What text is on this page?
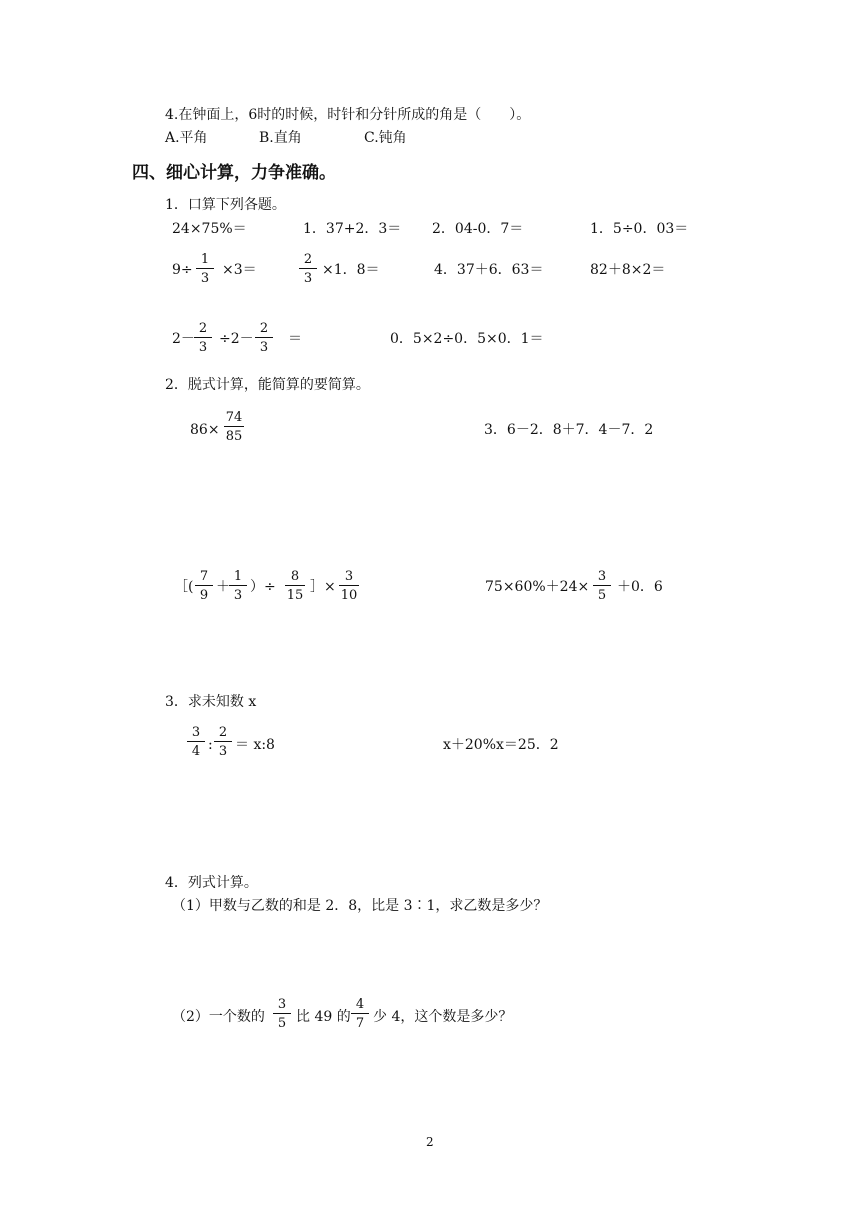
4.在钟面上，6时的时候，时针和分针所成的角是（　　）。
A.平角	B.直角	C.钝角
四、细心计算，力争准确。
1．口算下列各题。
24×75%＝	1．37+2．3＝ 2．04-0．7＝	1．5÷0．03＝
9÷
1
3
×3＝
2
3
×1．8＝	4．37＋6．63＝	82＋8×2＝
2－
2
3
÷2－
2
3
＝	0．5×2÷0．5×0．1＝
2．脱式计算，能简算的要简算。
86×
74
85	3．6－2．8＋7．4－7．2
［(
7
9
＋
1
3
）÷
8
15
］×
3
10
75×60%＋24×
3
5
＋0．6
3．求未知数 x
3
4 :
2
3 ＝ x:8	x＋20%x＝25．2
4．列式计算。
（1）甲数与乙数的和是 2．8，比是 3∶1，求乙数是多少？
（2）一个数的
3
5 比 49 的
4
7 少 4，这个数是多少？
2
